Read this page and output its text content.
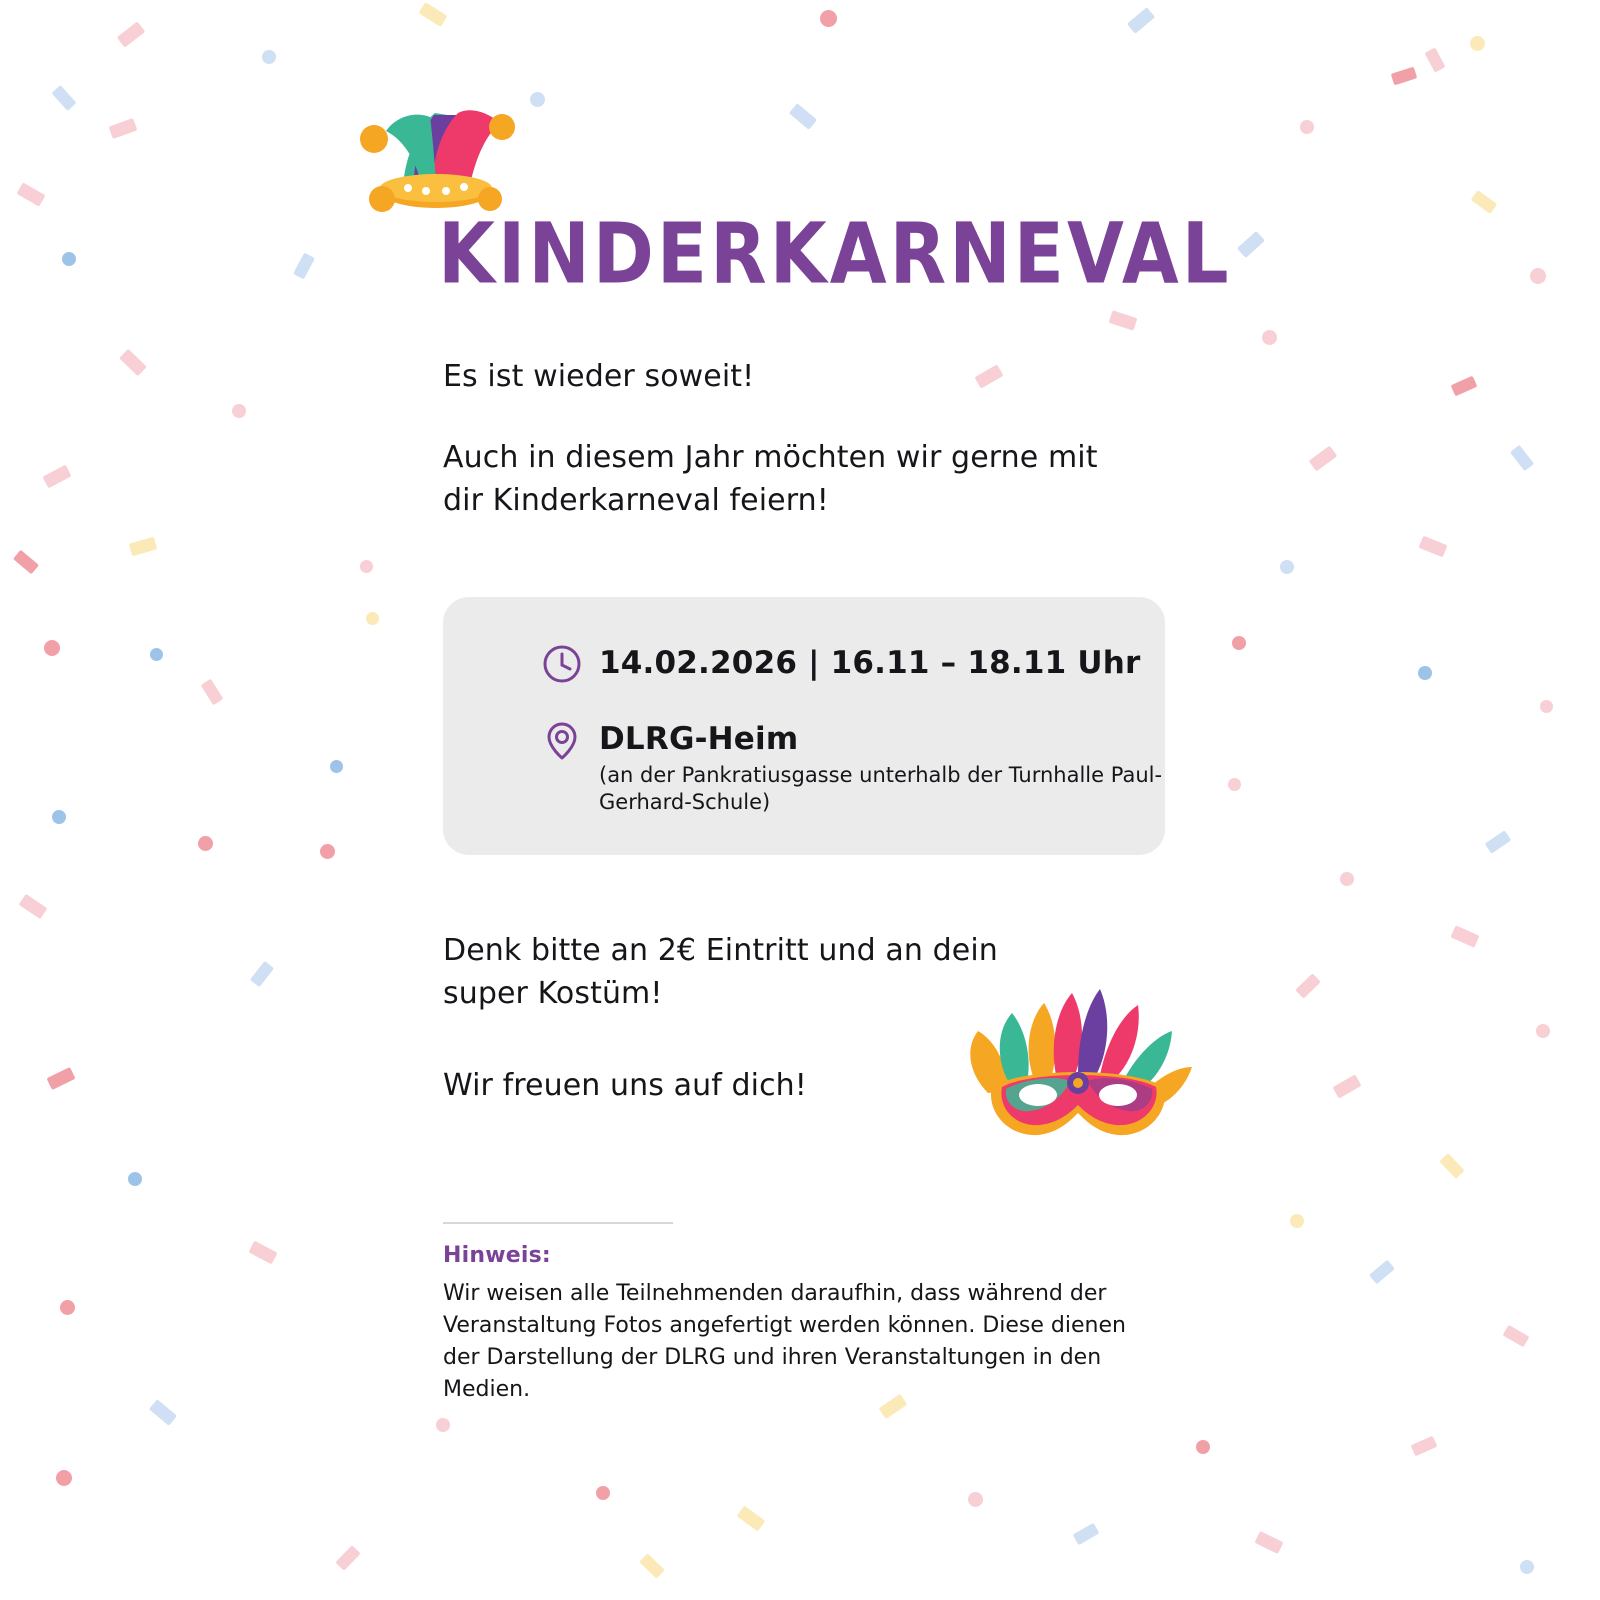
KINDERKARNEVAL
Es ist wieder soweit!
Auch in diesem Jahr möchten wir gerne mit dir Kinderkarneval feiern!
14.02.2026 | 16.11 – 18.11 Uhr
DLRG-Heim
(an der Pankratiusgasse unterhalb der Turnhalle Paul-Gerhard-Schule)
Denk bitte an 2€ Eintritt und an dein super Kostüm!
Wir freuen uns auf dich!
Hinweis:
Wir weisen alle Teilnehmenden daraufhin, dass während der Veranstaltung Fotos angefertigt werden können. Diese dienen der Darstellung der DLRG und ihren Veranstaltungen in den Medien.
